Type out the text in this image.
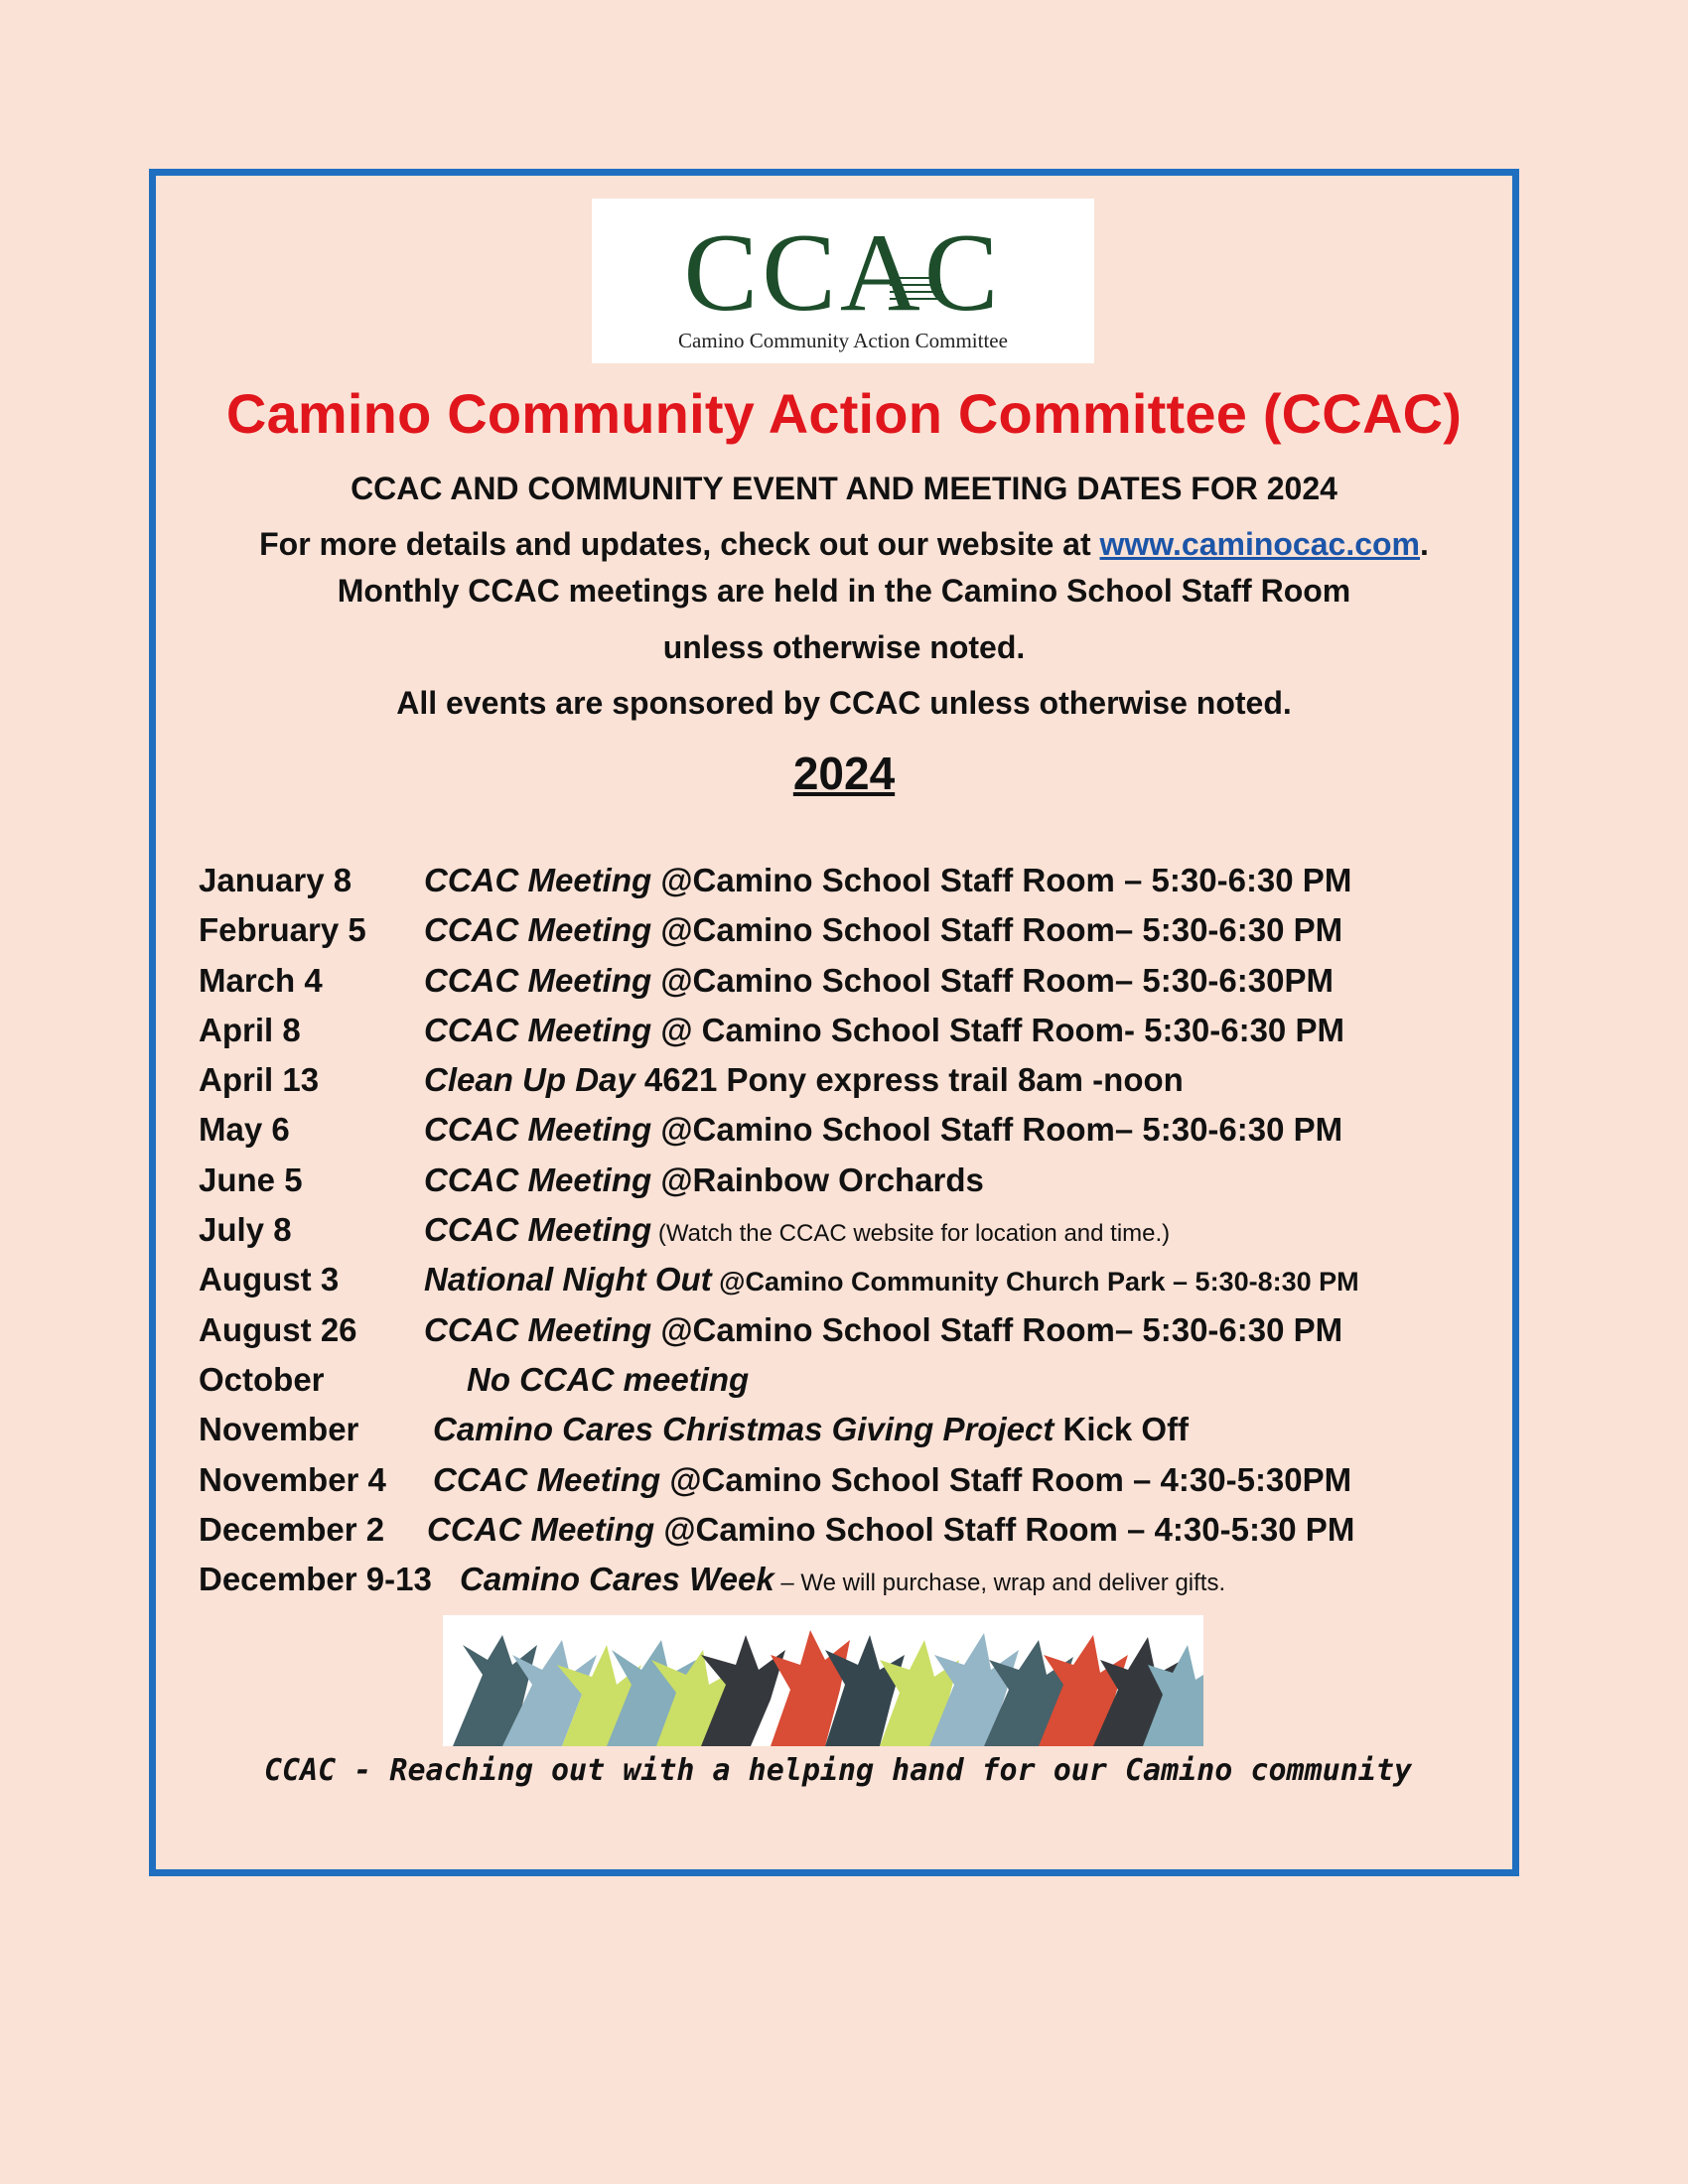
CCAC
Camino Community Action Committee
Camino Community Action Committee (CCAC)
CCAC AND COMMUNITY EVENT AND MEETING DATES FOR 2024
For more details and updates, check out our website at www.caminocac.com.
Monthly CCAC meetings are held in the Camino School Staff Room
unless otherwise noted.
All events are sponsored by CCAC unless otherwise noted.
2024
January 8 CCAC Meeting @Camino School Staff Room – 5:30-6:30 PM
February 5 CCAC Meeting @Camino School Staff Room– 5:30-6:30 PM
March 4	CCAC Meeting @Camino School Staff Room– 5:30-6:30PM
April 8	CCAC Meeting @ Camino School Staff Room- 5:30-6:30 PM
April 13	Clean Up Day 4621 Pony express trail 8am -noon
May 6	CCAC Meeting @Camino School Staff Room– 5:30-6:30 PM
June 5	CCAC Meeting @Rainbow Orchards
July 8	CCAC Meeting (Watch the CCAC website for location and time.)
August 3	National Night Out @Camino Community Church Park – 5:30-8:30 PM
August 26 CCAC Meeting @Camino School Staff Room– 5:30-6:30 PM
October	No CCAC meeting
November Camino Cares Christmas Giving Project Kick Off
November 4 CCAC Meeting @Camino School Staff Room – 4:30-5:30PM
December 2 CCAC Meeting @Camino School Staff Room – 4:30-5:30 PM
December 9-13 Camino Cares Week – We will purchase, wrap and deliver gifts.
CCAC - Reaching out with a helping hand for our Camino community
